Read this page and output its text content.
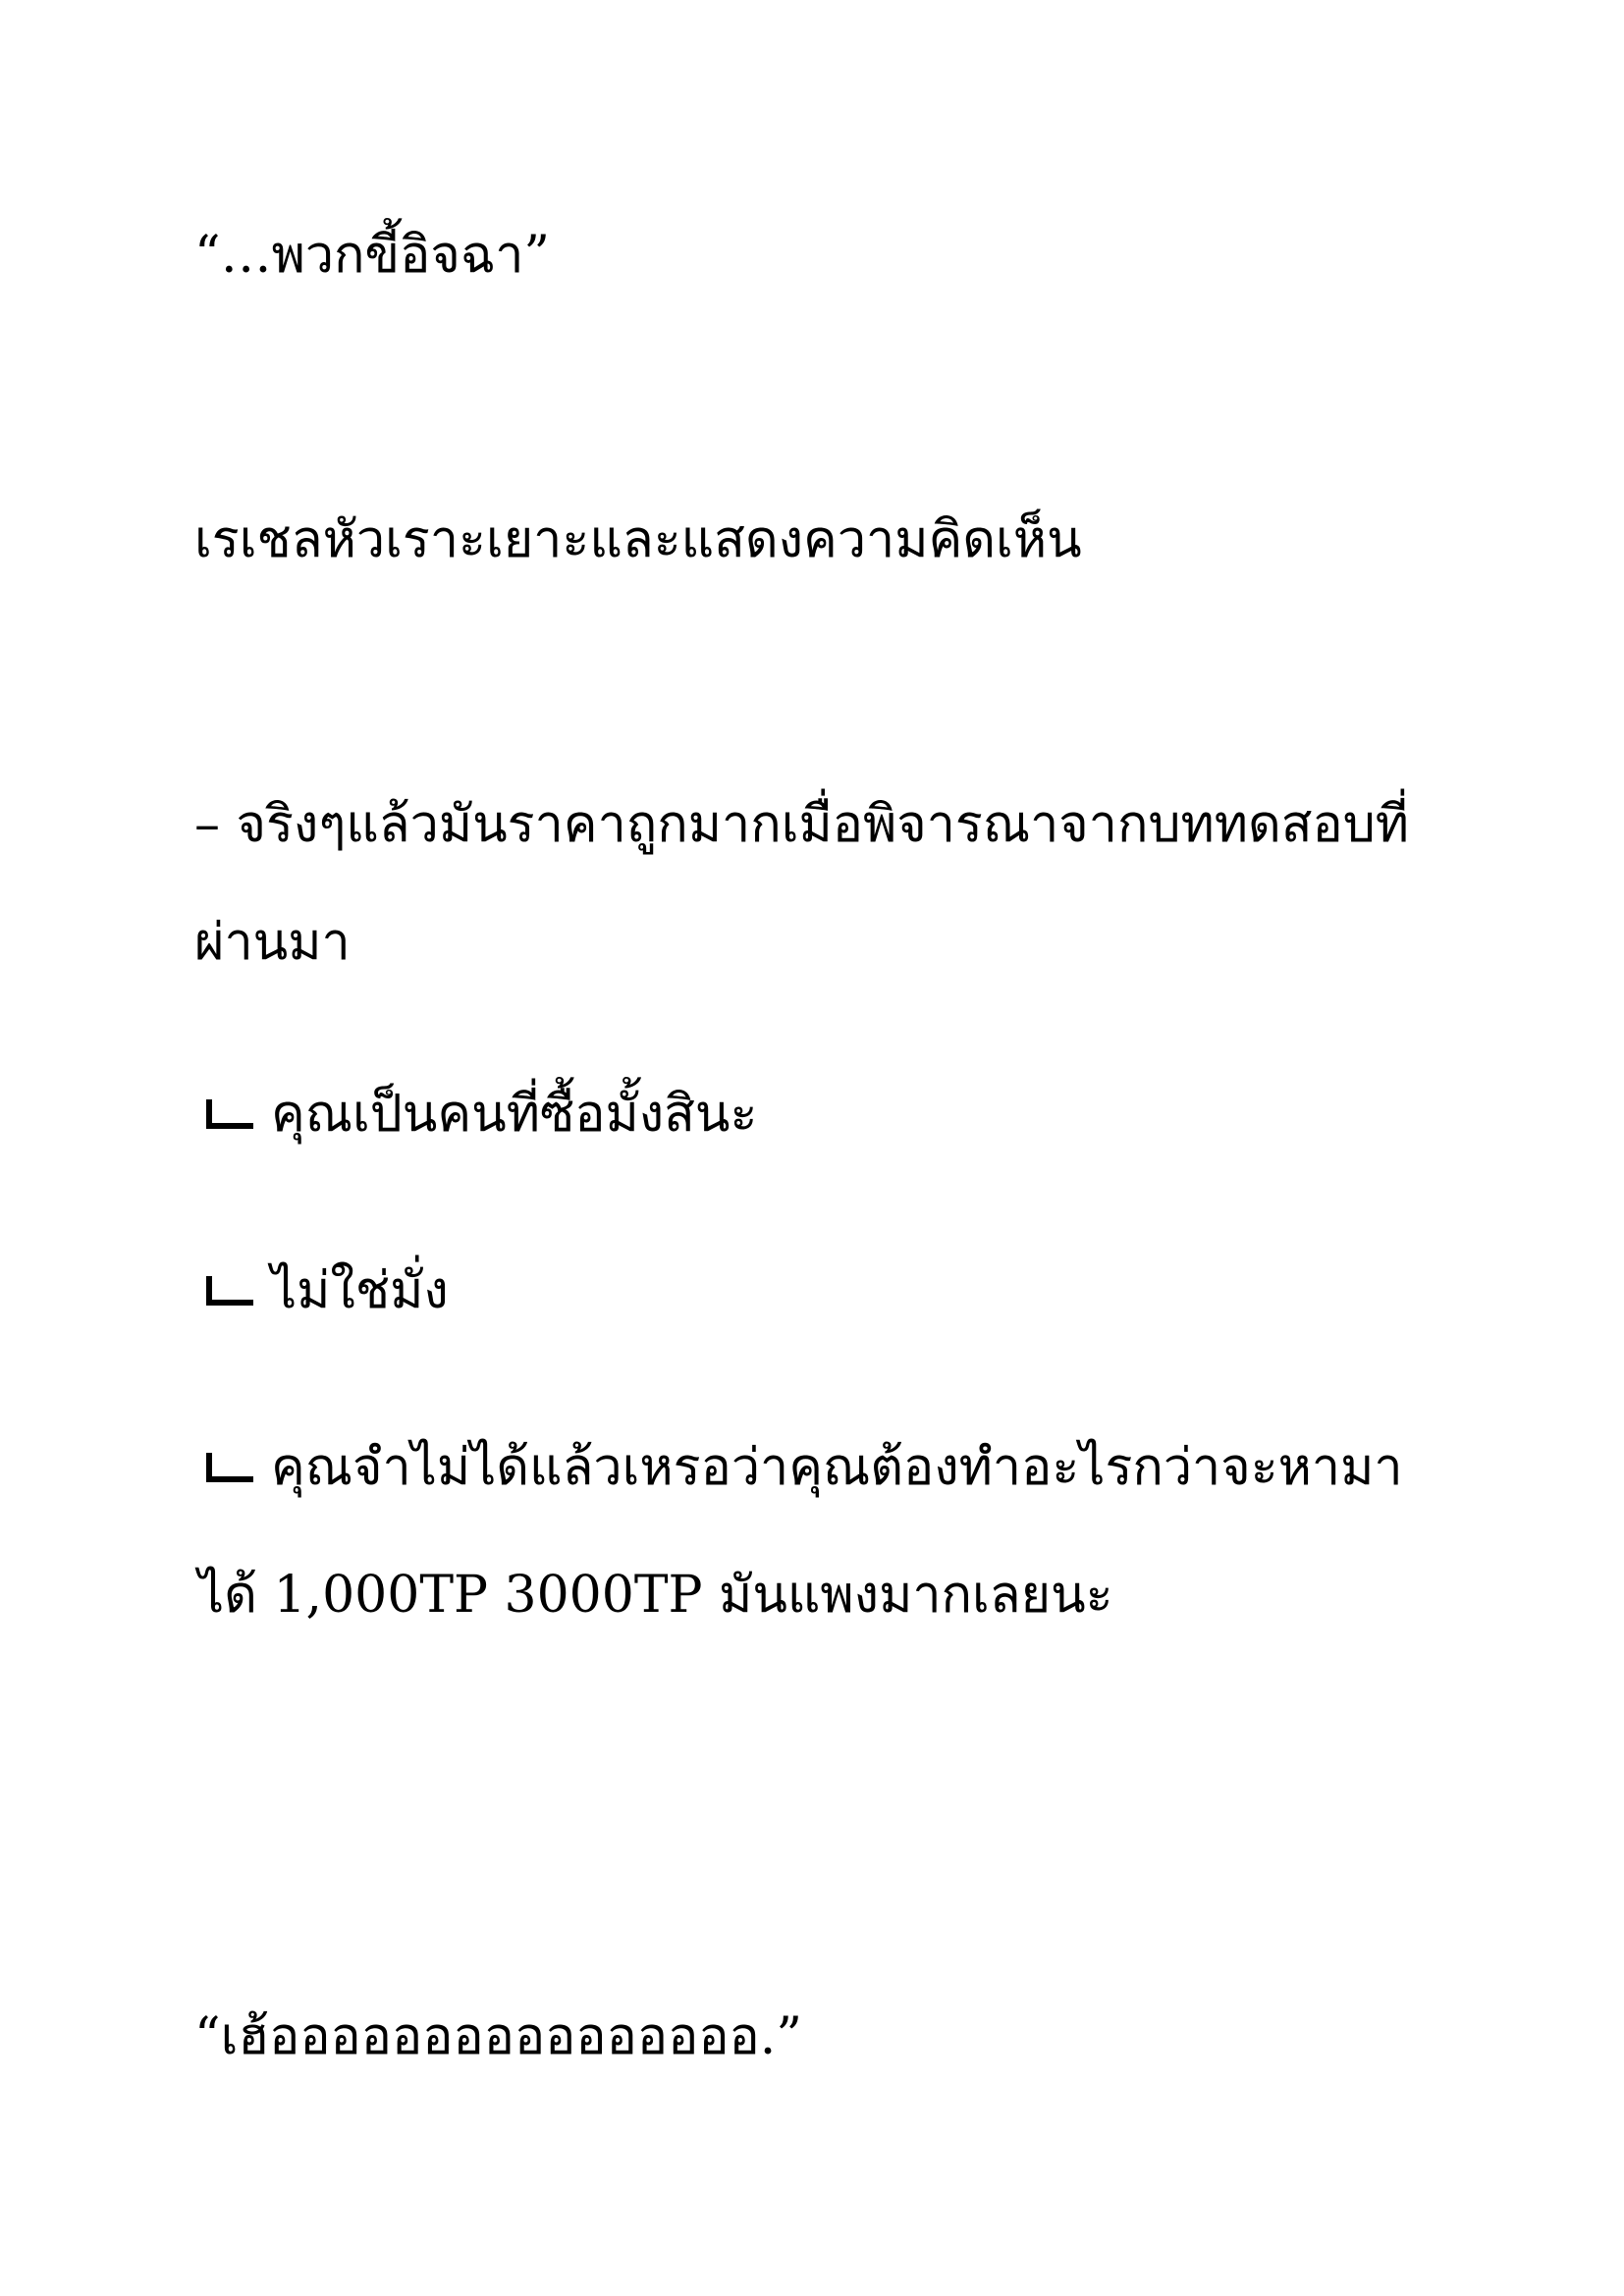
“…พวกขี้อิจฉา”

เรเชลหัวเราะเยาะและแสดงความคิดเห็น

– จริงๆแล้วมันราคาถูกมากเมื่อพิจารณาจากบททดสอบที่

ผ่านมา

คุณเป็นคนที่ซื้อมั้งสินะ
ไม่ใช่มั่ง
คุณจำไม่ได้แล้วเหรอว่าคุณต้องทำอะไรกว่าจะหามา

ได้ 1,000TP 3000TP มันแพงมากเลยนะ

“เฮ้ออออออออออออออออ.”
